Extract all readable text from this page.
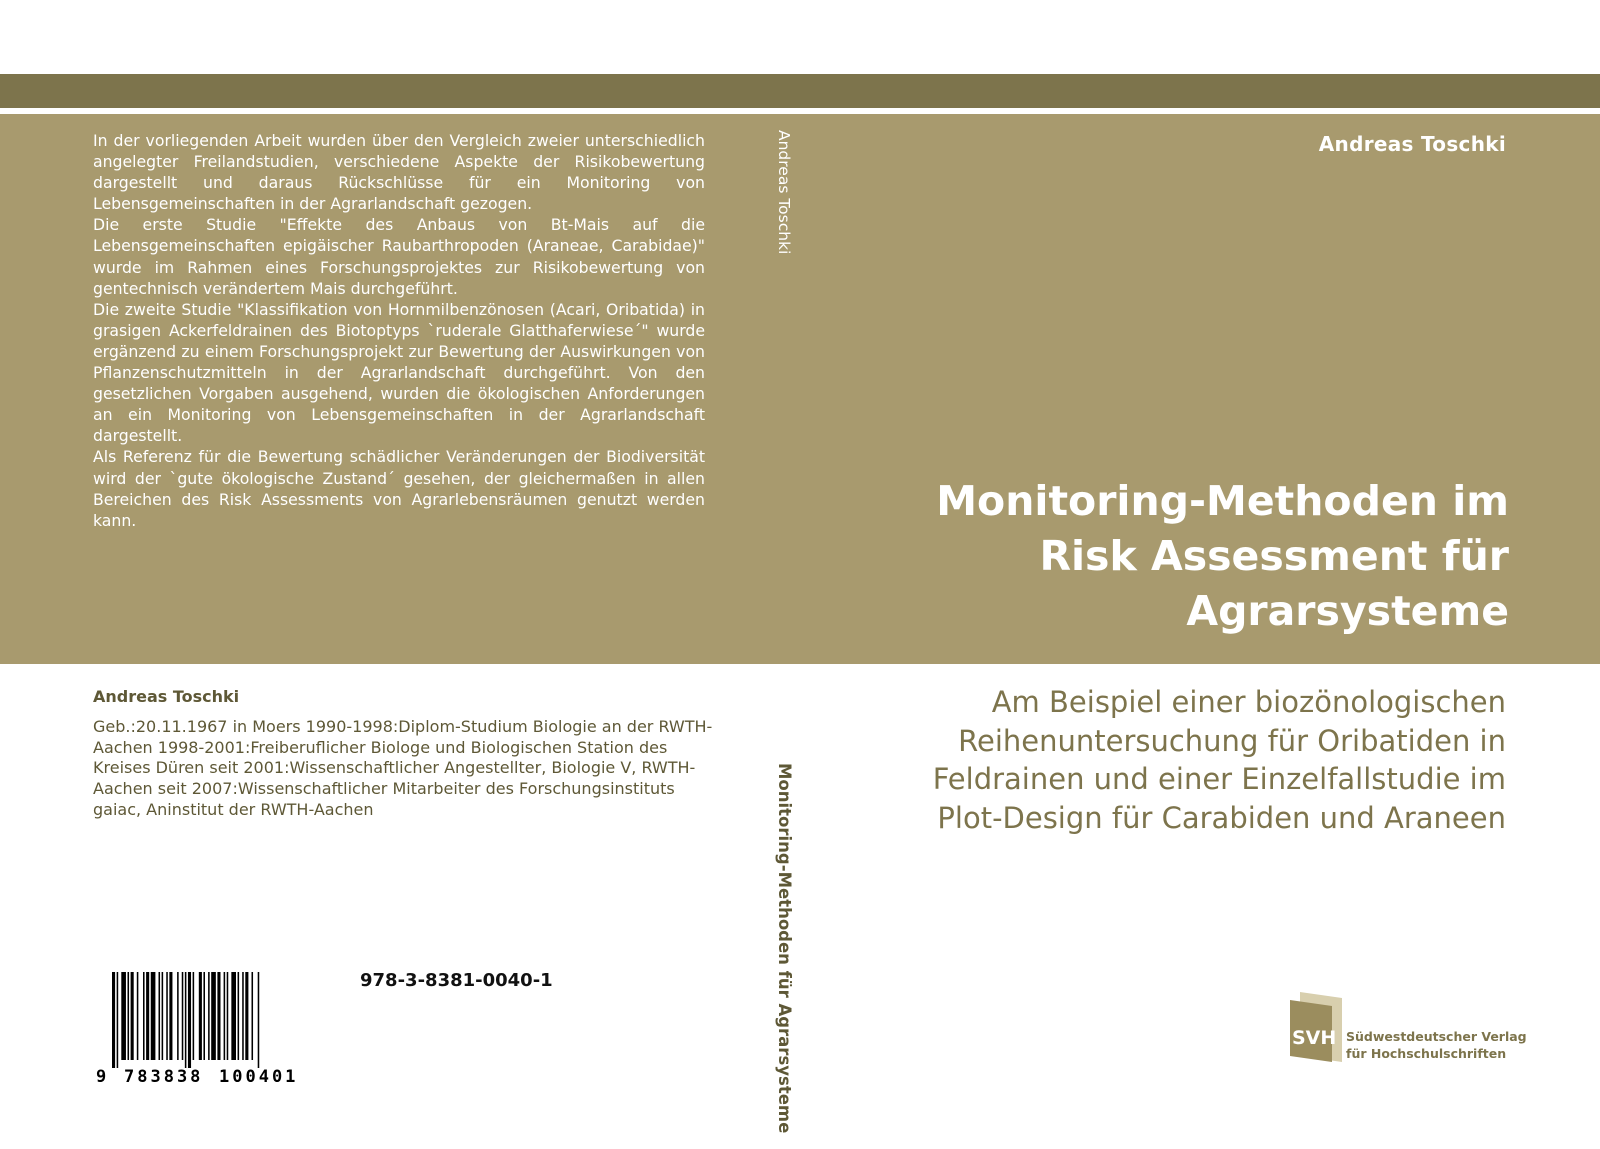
In der vorliegenden Arbeit wurden über den Vergleich zweier unterschiedlich angelegter Freilandstudien, verschiedene Aspekte der Risikobewertung dargestellt und daraus Rückschlüsse für ein Monitoring von Lebensgemeinschaften in der Agrarlandschaft gezogen.

Die erste Studie "Effekte des Anbaus von Bt-Mais auf die Lebensgemeinschaften epigäischer Raubarthropoden (Araneae, Carabidae)" wurde im Rahmen eines Forschungsprojektes zur Risikobewertung von gentechnisch verändertem Mais durchgeführt.

Die zweite Studie "Klassifikation von Hornmilbenzönosen (Acari, Oribatida) in grasigen Ackerfeldrainen des Biotoptyps `ruderale Glatthaferwiese´" wurde ergänzend zu einem Forschungsprojekt zur Bewertung der Auswirkungen von Pflanzenschutzmitteln in der Agrarlandschaft durchgeführt. Von den gesetzlichen Vorgaben ausgehend, wurden die ökologischen Anforderungen an ein Monitoring von Lebensgemeinschaften in der Agrarlandschaft dargestellt.

Als Referenz für die Bewertung schädlicher Veränderungen der Biodiversität wird der `gute ökologische Zustand´ gesehen, der gleichermaßen in allen Bereichen des Risk Assessments von Agrarlebensräumen genutzt werden kann.

Andreas Toschki
Monitoring-Methoden für Agrarsysteme

Andreas Toschki

Monitoring-Methoden im
Risk Assessment für
Agrarsysteme

Am Beispiel einer biozönologischen
Reihenuntersuchung für Oribatiden in
Feldrainen und einer Einzelfallstudie im
Plot-Design für Carabiden und Araneen

Andreas Toschki

Geb.:20.11.1967 in Moers 1990-1998:Diplom-Studium Biologie an der RWTH-Aachen 1998-2001:Freiberuflicher Biologe und Biologischen Station des Kreises Düren seit 2001:Wissenschaftlicher Angestellter, Biologie V, RWTH-Aachen seit 2007:Wissenschaftlicher Mitarbeiter des Forschungsinstituts gaiac, Aninstitut der RWTH-Aachen

9 783838 100401
978-3-8381-0040-1
SVH Südwestdeutscher Verlag
für Hochschulschriften
